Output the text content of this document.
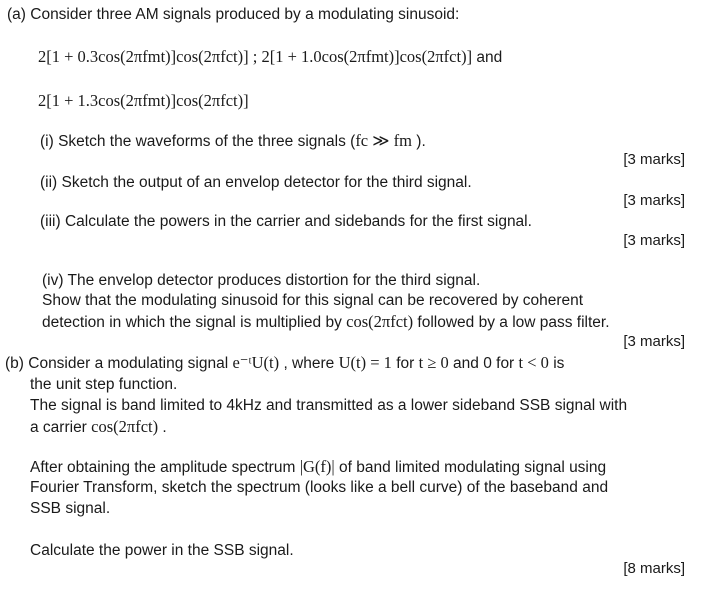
(a) Consider three AM signals produced by a modulating sinusoid:
2[1 + 0.3cos(2πfmt)]cos(2πfct)] ; 2[1 + 1.0cos(2πfmt)]cos(2πfct)] and
2[1 + 1.3cos(2πfmt)]cos(2πfct)]
(i) Sketch the waveforms of the three signals (fc ≫ fm ).
[3 marks]
(ii) Sketch the output of an envelop detector for the third signal.
[3 marks]
(iii) Calculate the powers in the carrier and sidebands for the first signal.
[3 marks]
(iv) The envelop detector produces distortion for the third signal.
Show that the modulating sinusoid for this signal can be recovered by coherent
detection in which the signal is multiplied by cos(2πfct) followed by a low pass filter.
[3 marks]
(b) Consider a modulating signal e⁻ᵗU(t) , where U(t) = 1 for t ≥ 0 and 0 for t < 0 is
the unit step function.
The signal is band limited to 4kHz and transmitted as a lower sideband SSB signal with
a carrier cos(2πfct) .
After obtaining the amplitude spectrum |G(f)| of band limited modulating signal using
Fourier Transform, sketch the spectrum (looks like a bell curve) of the baseband and
SSB signal.
Calculate the power in the SSB signal.
[8 marks]
